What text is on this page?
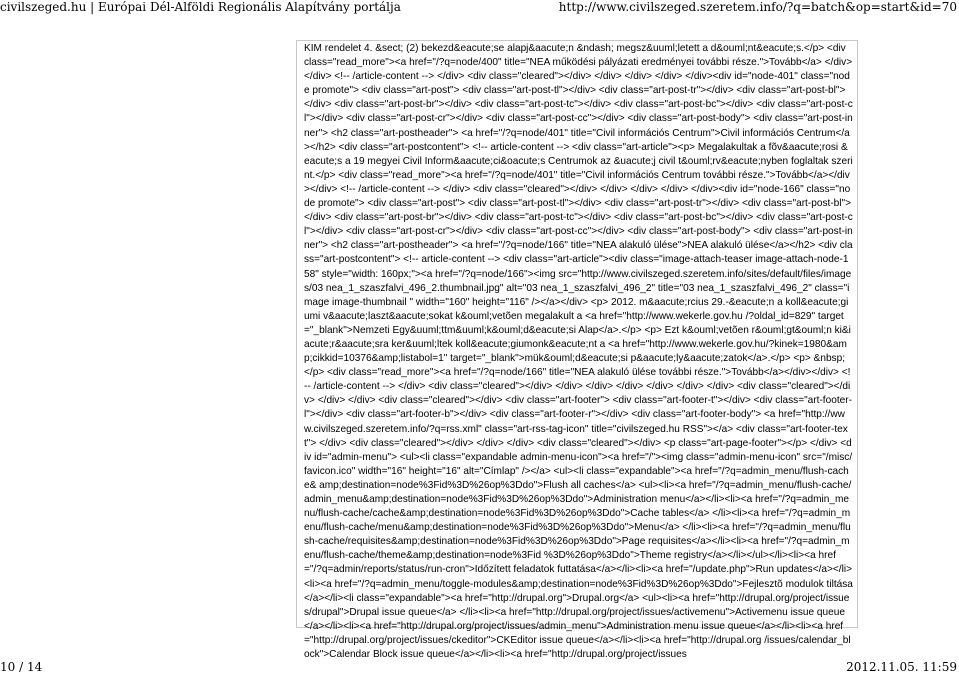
civilszeged.hu | Európai Dél-Alföldi Regionális Alapítvány portálja	http://www.civilszeged.szeretem.info/?q=batch&op=start&id=70

KIM rendelet 4. &sect; (2) bekezd&eacute;se alapj&aacute;n &ndash; megsz&uuml;letett a d&ouml;nt&eacute;s.</p> <div class="read_more"><a href="/?q=node/400" title="NEA működési pályázati eredményei további része.">Tovább</a> </div></div> <!-- /article-content --> </div> <div class="cleared"></div> </div> </div> </div> </div><div id="node-401" class="node promote"> <div class="art-post"> <div class="art-post-tl"></div> <div class="art-post-tr"></div> <div class="art-post-bl"></div> <div class="art-post-br"></div> <div class="art-post-tc"></div> <div class="art-post-bc"></div> <div class="art-post-cl"></div> <div class="art-post-cr"></div> <div class="art-post-cc"></div> <div class="art-post-body"> <div class="art-post-inner"> <h2 class="art-postheader"> <a href="/?q=node/401" title="Civil információs Centrum">Civil információs Centrum</a></h2> <div class="art-postcontent"> <!-- article-content --> <div class="art-article"><p> Megalakultak a fõv&aacute;rosi &eacute;s a 19 megyei Civil Inform&aacute;ci&oacute;s Centrumok az &uacute;j civil t&ouml;rv&eacute;nyben foglaltak szerint.</p> <div class="read_more"><a href="/?q=node/401" title="Civil információs Centrum további része.">Tovább</a></div></div> <!-- /article-content --> </div> <div class="cleared"></div> </div> </div> </div> </div><div id="node-166" class="node promote"> <div class="art-post"> <div class="art-post-tl"></div> <div class="art-post-tr"></div> <div class="art-post-bl"></div> <div class="art-post-br"></div> <div class="art-post-tc"></div> <div class="art-post-bc"></div> <div class="art-post-cl"></div> <div class="art-post-cr"></div> <div class="art-post-cc"></div> <div class="art-post-body"> <div class="art-post-inner"> <h2 class="art-postheader"> <a href="/?q=node/166" title="NEA alakuló ülése">NEA alakuló ülése</a></h2> <div class="art-postcontent"> <!-- article-content --> <div class="art-article"><div class="image-attach-teaser image-attach-node-158" style="width: 160px;"><a href="/?q=node/166"><img src="http://www.civilszeged.szeretem.info/sites/default/files/images/03 nea_1_szaszfalvi_496_2.thumbnail.jpg" alt="03 nea_1_szaszfalvi_496_2" title="03 nea_1_szaszfalvi_496_2" class="image image-thumbnail " width="160" height="116" /></a></div> <p> 2012. m&aacute;rcius 29.-&eacute;n a koll&eacute;giumi v&aacute;laszt&aacute;sokat k&ouml;vetõen megalakult a <a href="http://www.wekerle.gov.hu /?oldal_id=829" target="_blank">Nemzeti Egy&uuml;ttm&uuml;k&ouml;d&eacute;si Alap</a>.</p> <p> Ezt k&ouml;vetõen r&ouml;gt&ouml;n ki&iacute;r&aacute;sra ker&uuml;ltek koll&eacute;giumonk&eacute;nt a <a href="http://www.wekerle.gov.hu/?kinek=1980&amp;cikkid=10376&amp;listabol=1" target="_blank">mük&ouml;d&eacute;si p&aacute;ly&aacute;zatok</a>.</p> <p> &nbsp;</p> <div class="read_more"><a href="/?q=node/166" title="NEA alakuló ülése további része.">Tovább</a></div></div> <!-- /article-content --> </div> <div class="cleared"></div> </div> </div> </div> </div> </div> </div> <div class="cleared"></div> </div> </div> <div class="cleared"></div> <div class="art-footer"> <div class="art-footer-t"></div> <div class="art-footer-l"></div> <div class="art-footer-b"></div> <div class="art-footer-r"></div> <div class="art-footer-body"> <a href="http://www.civilszeged.szeretem.info/?q=rss.xml" class="art-rss-tag-icon" title="civilszeged.hu RSS"></a> <div class="art-footer-text"> </div> <div class="cleared"></div> </div> </div> <div class="cleared"></div> <p class="art-page-footer"></p> </div> <div id="admin-menu"> <ul><li class="expandable admin-menu-icon"><a href="/"><img class="admin-menu-icon" src="/misc/favicon.ico" width="16" height="16" alt="Címlap" /></a> <ul><li class="expandable"><a href="/?q=admin_menu/flush-cache& amp;destination=node%3Fid%3D%26op%3Ddo">Flush all caches</a> <ul><li><a href="/?q=admin_menu/flush-cache/admin_menu&amp;destination=node%3Fid%3D%26op%3Ddo">Administration menu</a></li><li><a href="/?q=admin_menu/flush-cache/cache&amp;destination=node%3Fid%3D%26op%3Ddo">Cache tables</a> </li><li><a href="/?q=admin_menu/flush-cache/menu&amp;destination=node%3Fid%3D%26op%3Ddo">Menu</a> </li><li><a href="/?q=admin_menu/flush-cache/requisites&amp;destination=node%3Fid%3D%26op%3Ddo">Page requisites</a></li><li><a href="/?q=admin_menu/flush-cache/theme&amp;destination=node%3Fid %3D%26op%3Ddo">Theme registry</a></li></ul></li><li><a href="/?q=admin/reports/status/run-cron">Időzített feladatok futtatása</a></li><li><a href="/update.php">Run updates</a></li><li><a href="/?q=admin_menu/toggle-modules&amp;destination=node%3Fid%3D%26op%3Ddo">Fejlesztõ modulok tiltása</a></li><li class="expandable"><a href="http://drupal.org">Drupal.org</a> <ul><li><a href="http://drupal.org/project/issues/drupal">Drupal issue queue</a> </li><li><a href="http://drupal.org/project/issues/activemenu">Activemenu issue queue</a></li><li><a href="http://drupal.org/project/issues/admin_menu">Administration menu issue queue</a></li><li><a href="http://drupal.org/project/issues/ckeditor">CKEditor issue queue</a></li><li><a href="http://drupal.org /issues/calendar_block">Calendar Block issue queue</a></li><li><a href="http://drupal.org/project/issues

10 / 14	2012.11.05. 11:59
